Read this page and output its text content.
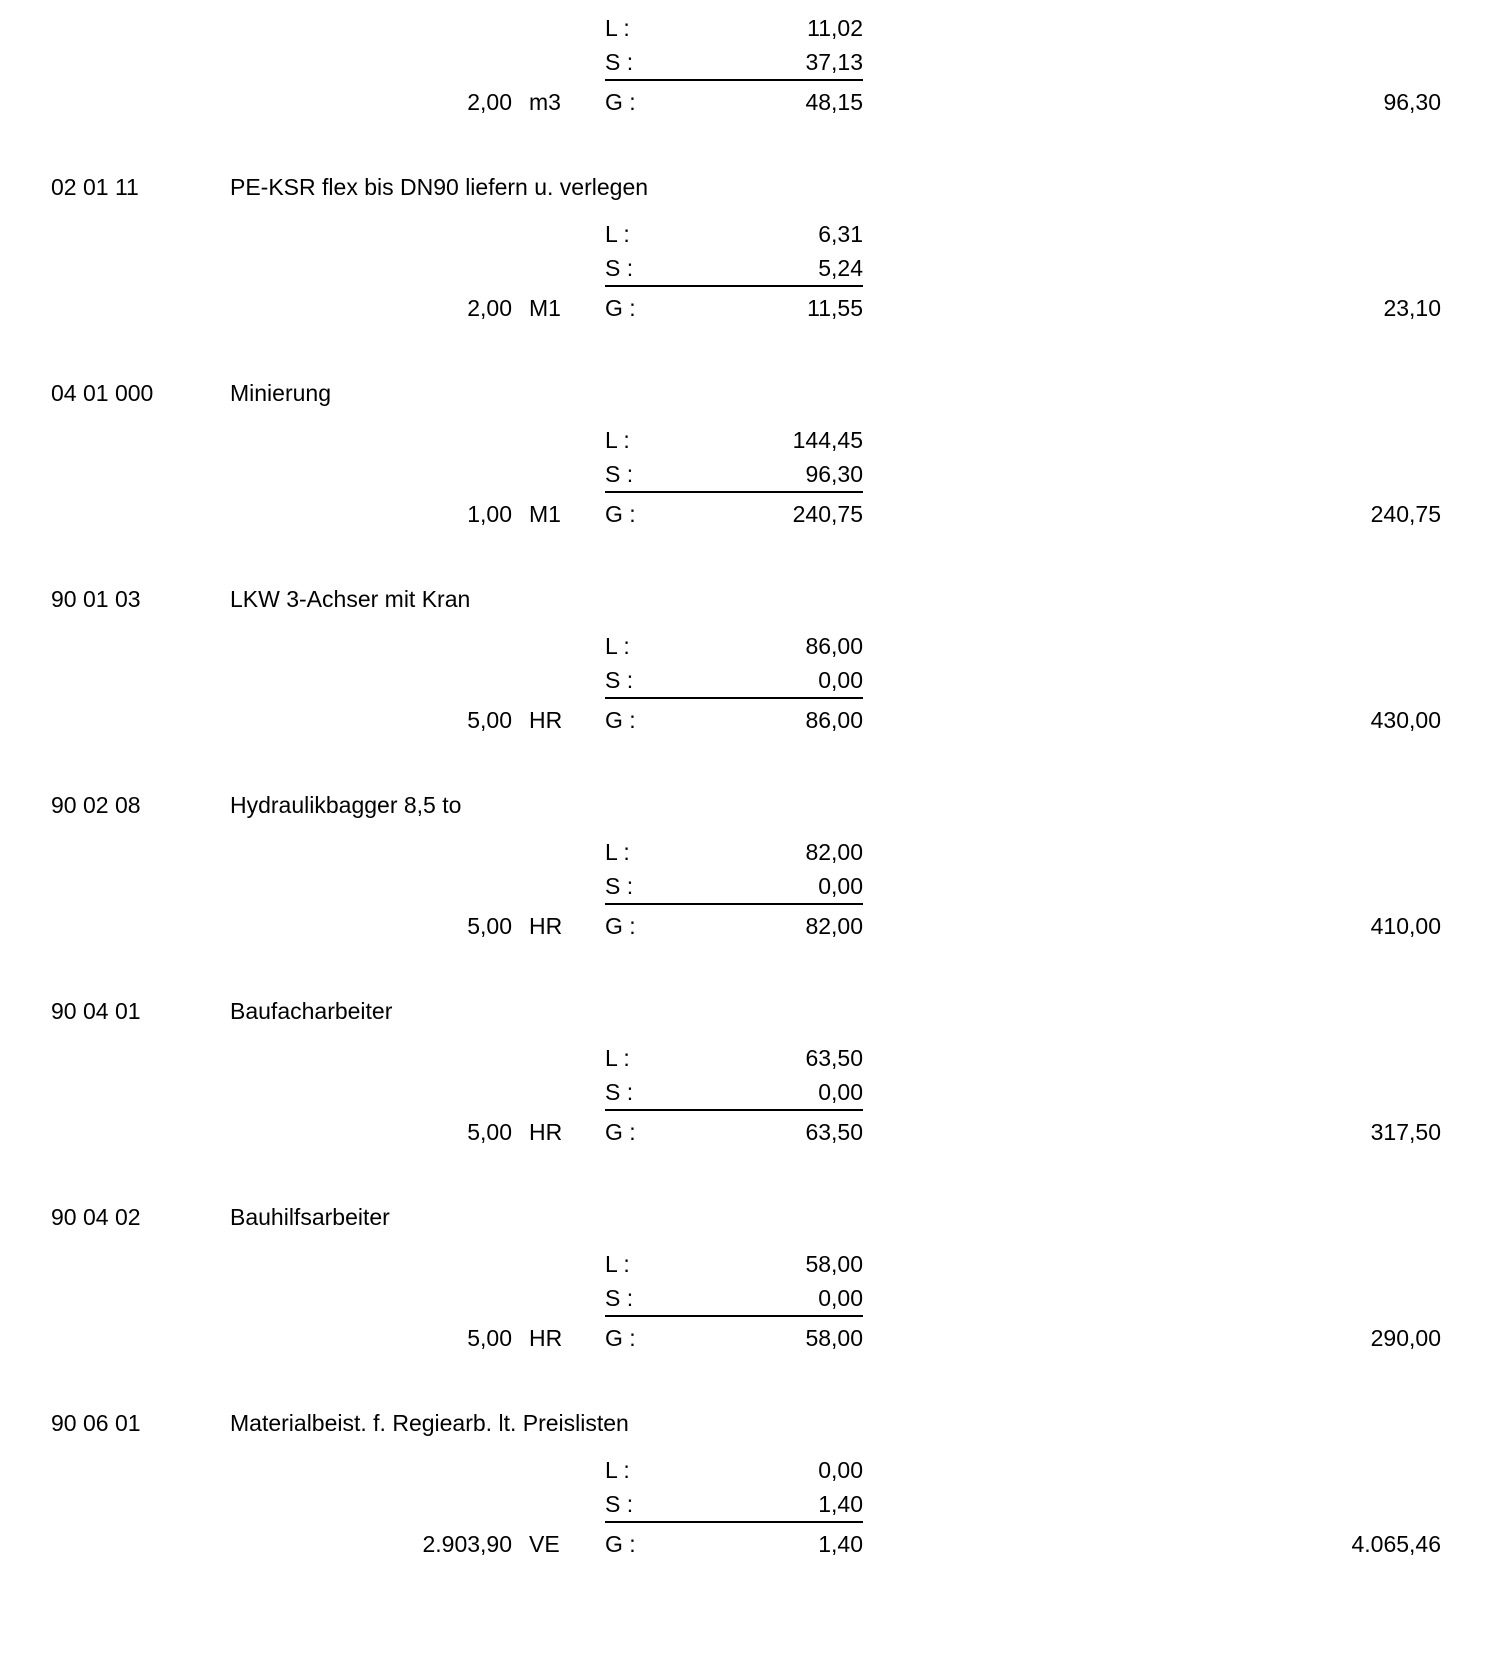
L :	11,02
S :	37,13
2,00 m3 G :	48,15	96,30
02 01 11	PE-KSR flex bis DN90 liefern u. verlegen
L :	6,31
S :	5,24
2,00 M1 G :	11,55	23,10
04 01 000	Minierung
L :	144,45
S :	96,30
1,00 M1 G :	240,75	240,75
90 01 03	LKW 3-Achser mit Kran
L :	86,00
S :	0,00
5,00 HR G :	86,00	430,00
90 02 08	Hydraulikbagger 8,5 to
L :	82,00
S :	0,00
5,00 HR G :	82,00	410,00
90 04 01	Baufacharbeiter
L :	63,50
S :	0,00
5,00 HR G :	63,50	317,50
90 04 02	Bauhilfsarbeiter
L :	58,00
S :	0,00
5,00 HR G :	58,00	290,00
90 06 01	Materialbeist. f. Regiearb. lt. Preislisten
L :	0,00
S :	1,40
2.903,90 VE G :	1,40	4.065,46
